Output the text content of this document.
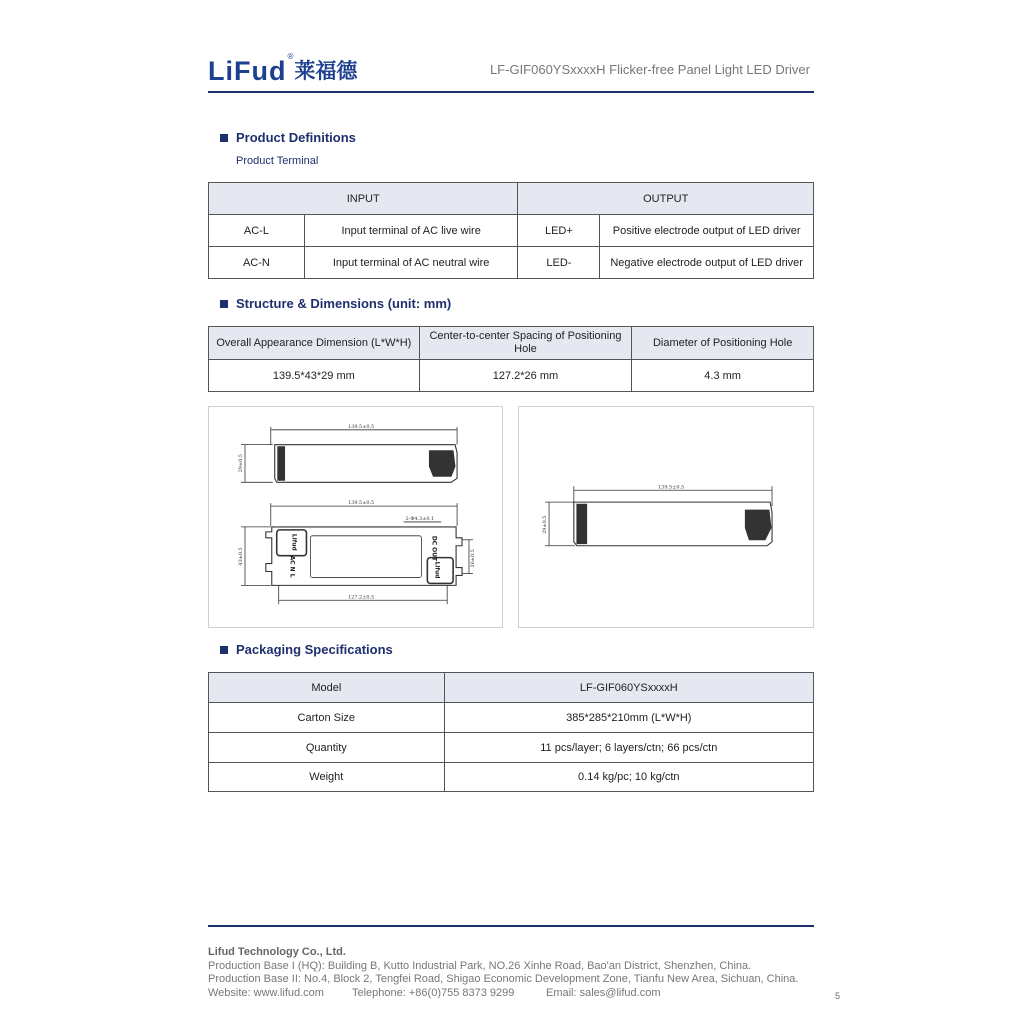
LiFud ®
莱福德	LF-GIF060YSxxxxH Flicker-free Panel Light LED Driver
Product Definitions
Product Terminal
INPUT		OUTPUT	
AC-L	Input terminal of AC live wire	LED+	Positive electrode output of LED driver
AC-N	Input terminal of AC neutral wire	LED-	Negative electrode output of LED driver
Structure & Dimensions (unit: mm)
Overall Appearance Dimension (L*W*H)	Center-to-center Spacing of Positioning Hole	Diameter of Positioning Hole
139.5*43*29 mm	127.2*26 mm	4.3 mm
139.5±0.5
29±0.5
139.5±0.5
2-Φ4.3±0.1
43±0.5	26±0.5
127.2±0.5
Lifud
AC N L
DC OUT
Lifud
139.5±0.5
29±0.5
Packaging Specifications
Model	LF-GIF060YSxxxxH
Carton Size	385*285*210mm (L*W*H)
Quantity	11 pcs/layer; 6 layers/ctn; 66 pcs/ctn
Weight	0.14 kg/pc; 10 kg/ctn
Lifud Technology Co., Ltd.
Production Base I (HQ): Building B, Kutto Industrial Park, NO.26 Xinhe Road, Bao'an District, Shenzhen, China.
Production Base II: No.4, Block 2, Tengfei Road, Shigao Economic Development Zone, Tianfu New Area, Sichuan, China.
Website: www.lifud.com	Telephone: +86(0)755 8373 9299	Email: sales@lifud.com	5
